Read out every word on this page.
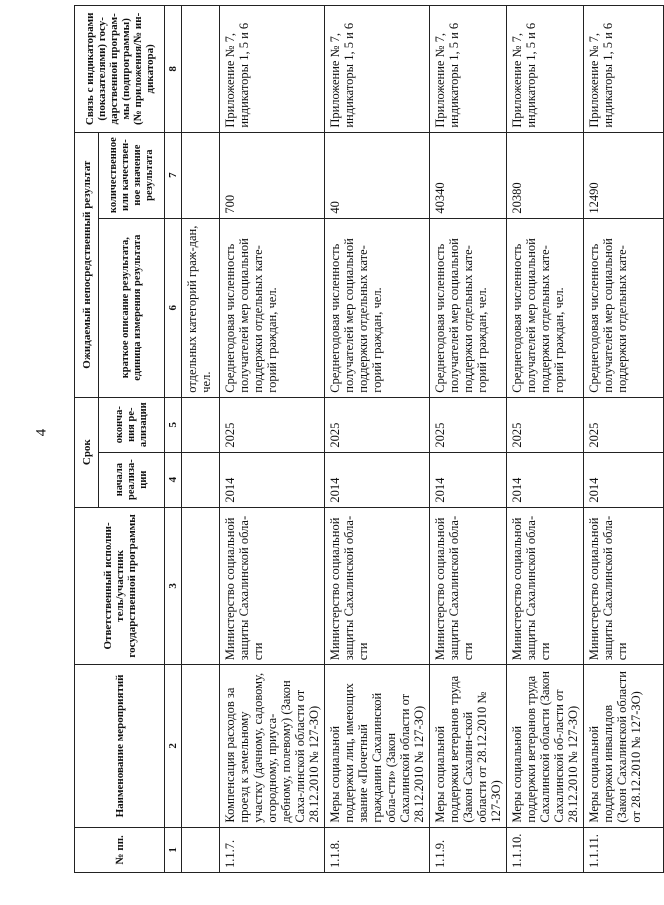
4
№ пп.	Наименование мероприятий	Ответственный исполни-тель/участник государственной программы	Срок		Ожидаемый непосредственный результат		Связь с индикаторами (показателями) госу-дарственной програм-мы (подпрограммы) (№ приложения/№ ин-дикатора)
			начала реализа-ции	оконча-ния ре-ализации	краткое описание результата, единица измерения результата	количественное или качествен-ное значение результата	
1	2	3	4	5	6	7	8
					отдельных категорий граж-дан, чел.		
1.1.7.	Компенсация расходов за проезд к земельному участку (дачному, садовому, огородному, приуса-дебному, полевому) (Закон Саха-линской области от 28.12.2010 № 127-ЗО)	Министерство социальной защиты Сахалинской обла-сти	2014	2025	Среднегодовая численность получателей мер социальной поддержки отдельных кате-горий граждан, чел.	700	Приложение № 7, индикаторы 1, 5 и 6
1.1.8.	Меры социальной поддержки лиц, имеющих звание «Почетный гражданин Сахалинской обла-сти» (Закон Сахалинской области от 28.12.2010 № 127-ЗО)	Министерство социальной защиты Сахалинской обла-сти	2014	2025	Среднегодовая численность получателей мер социальной поддержки отдельных кате-горий граждан, чел.	40	Приложение № 7, индикаторы 1, 5 и 6
1.1.9.	Меры социальной поддержки ветеранов труда (Закон Сахалин-ской области от 28.12.2010 № 127-ЗО)	Министерство социальной защиты Сахалинской обла-сти	2014	2025	Среднегодовая численность получателей мер социальной поддержки отдельных кате-горий граждан, чел.	40340	Приложение № 7, индикаторы 1, 5 и 6
1.1.10.	Меры социальной поддержки ветеранов труда Сахалинской области (Закон Сахалинской об-ласти от 28.12.2010 № 127-ЗО)	Министерство социальной защиты Сахалинской обла-сти	2014	2025	Среднегодовая численность получателей мер социальной поддержки отдельных кате-горий граждан, чел.	20380	Приложение № 7, индикаторы 1, 5 и 6
1.1.11.	Меры социальной поддержки инвалидов (Закон Сахалинской области от 28.12.2010 № 127-ЗО)	Министерство социальной защиты Сахалинской обла-сти	2014	2025	Среднегодовая численность получателей мер социальной поддержки отдельных кате-	12490	Приложение № 7, индикаторы 1, 5 и 6
